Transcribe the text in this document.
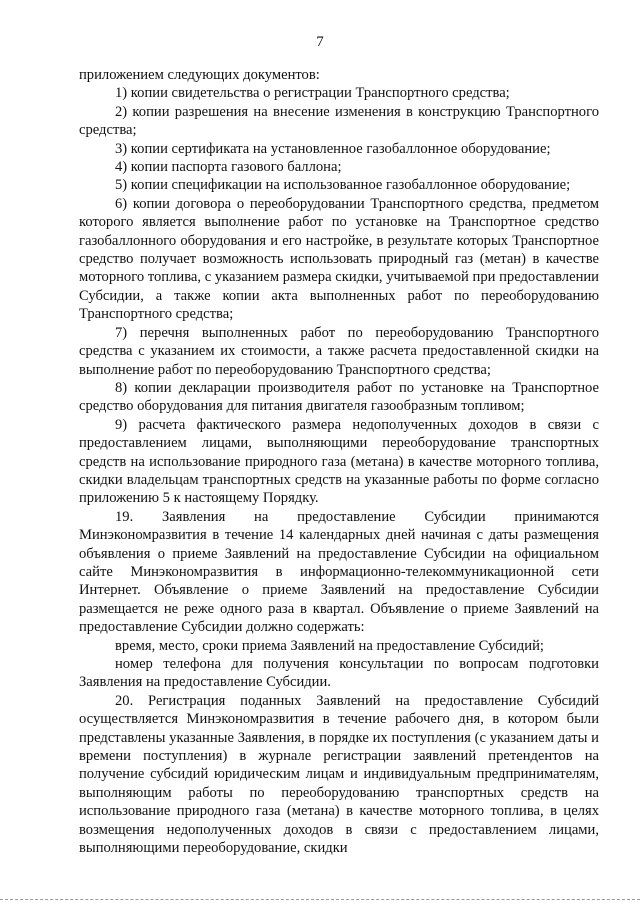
7

приложением следующих документов:

1) копии свидетельства о регистрации Транспортного средства;

2) копии разрешения на внесение изменения в конструкцию Транспортного средства;

3) копии сертификата на установленное газобаллонное оборудование;

4) копии паспорта газового баллона;

5) копии спецификации на использованное газобаллонное оборудование;

6) копии договора о переоборудовании Транспортного средства, предметом которого является выполнение работ по установке на Транспортное средство газобаллонного оборудования и его настройке, в результате которых Транспортное средство получает возможность использовать природный газ (метан) в качестве моторного топлива, с указанием размера скидки, учитываемой при предоставлении Субсидии, а также копии акта выполненных работ по переоборудованию Транспортного средства;

7) перечня выполненных работ по переоборудованию Транспортного средства с указанием их стоимости, а также расчета предоставленной скидки на выполнение работ по переоборудованию Транспортного средства;

8) копии декларации производителя работ по установке на Транспортное средство оборудования для питания двигателя газообразным топливом;

9) расчета фактического размера недополученных доходов в связи с предоставлением лицами, выполняющими переоборудование транспортных средств на использование природного газа (метана) в качестве моторного топлива, скидки владельцам транспортных средств на указанные работы по форме согласно приложению 5 к настоящему Порядку.

19. Заявления на предоставление Субсидии принимаются Минэкономразвития в течение 14 календарных дней начиная с даты размещения объявления о приеме Заявлений на предоставление Субсидии на официальном сайте Минэкономразвития в информационно-телекоммуникационной сети Интернет. Объявление о приеме Заявлений на предоставление Субсидии размещается не реже одного раза в квартал. Объявление о приеме Заявлений на предоставление Субсидии должно содержать:

время, место, сроки приема Заявлений на предоставление Субсидий;

номер телефона для получения консультации по вопросам подготовки Заявления на предоставление Субсидии.

20. Регистрация поданных Заявлений на предоставление Субсидий осуществляется Минэкономразвития в течение рабочего дня, в котором были представлены указанные Заявления, в порядке их поступления (с указанием даты и времени поступления) в журнале регистрации заявлений претендентов на получение субсидий юридическим лицам и индивидуальным предпринимателям, выполняющим работы по переоборудованию транспортных средств на использование природного газа (метана) в качестве моторного топлива, в целях возмещения недополученных доходов в связи с предоставлением лицами, выполняющими переоборудование, скидки
